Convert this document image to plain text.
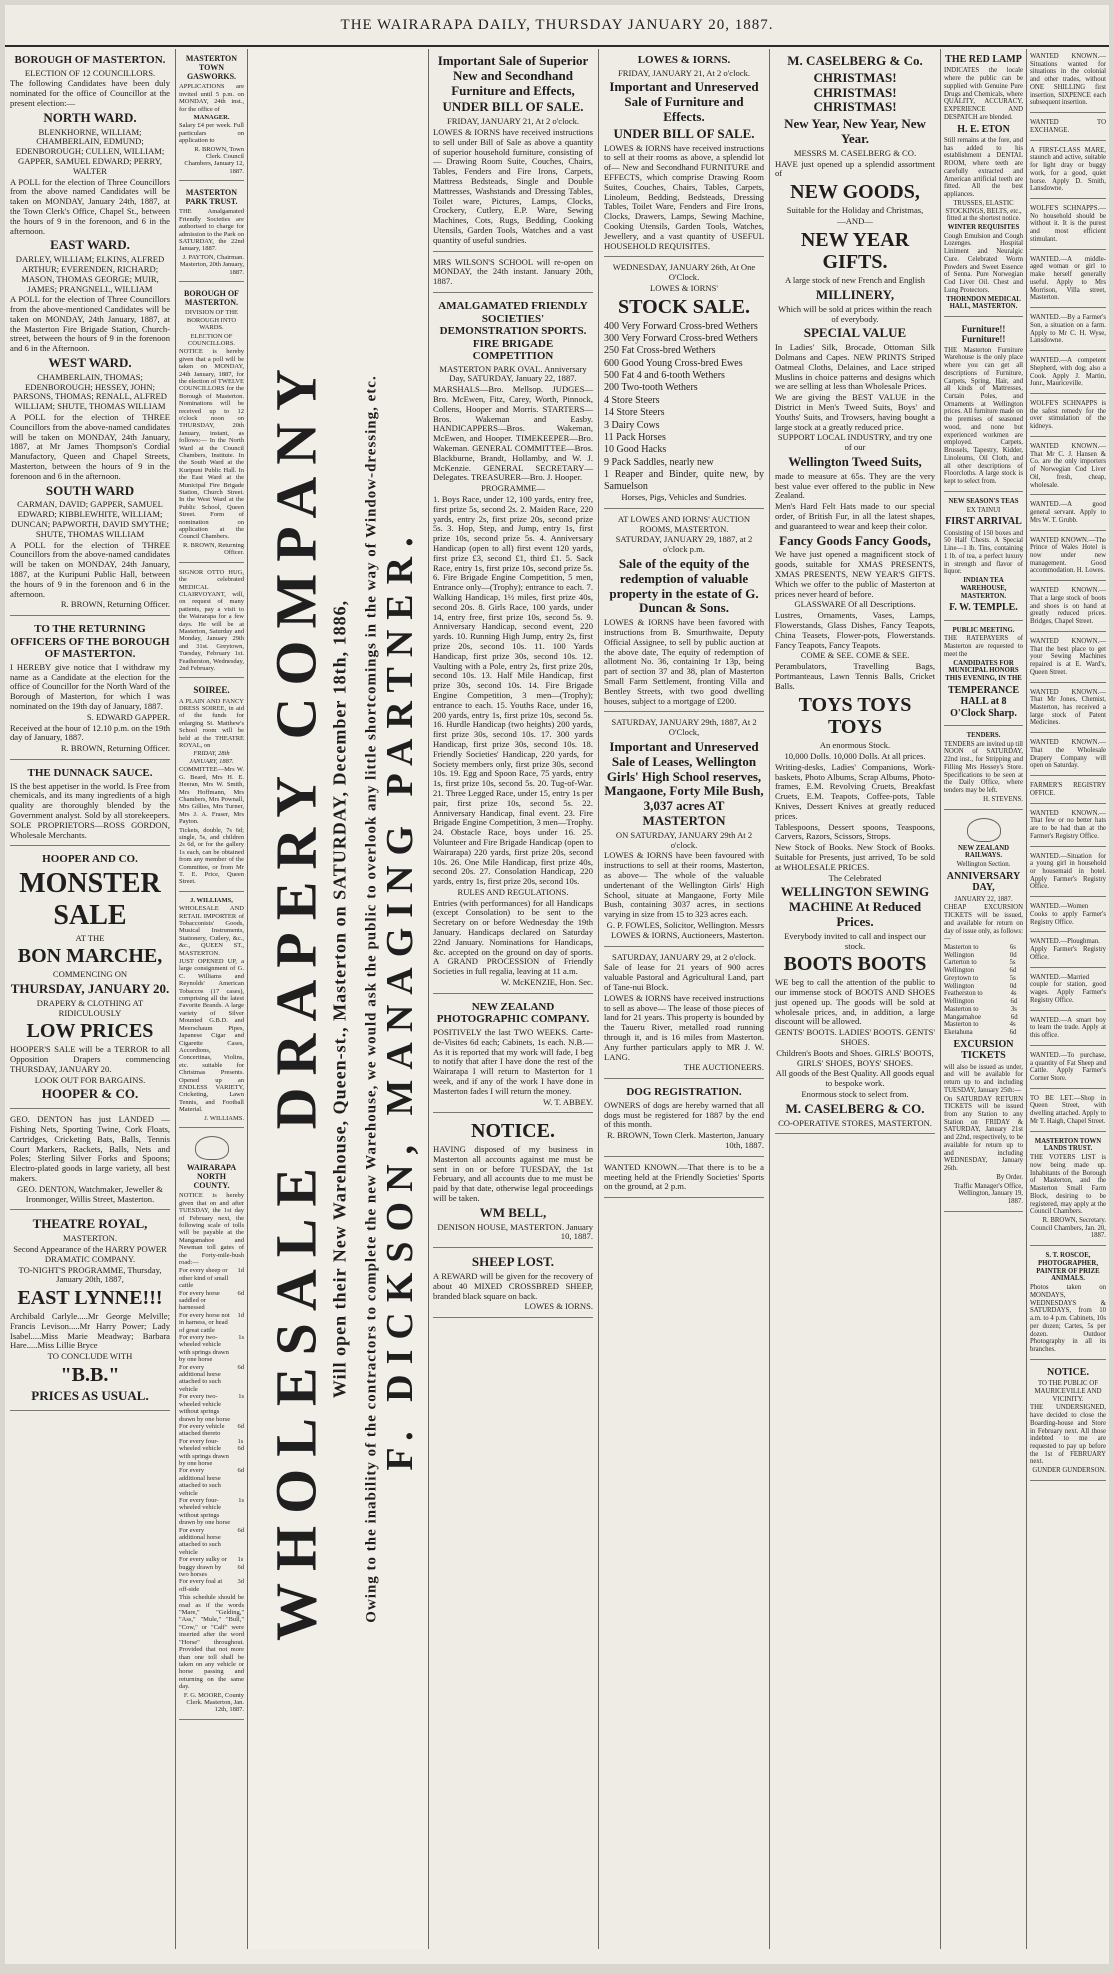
THE WAIRARAPA DAILY, THURSDAY JANUARY 20, 1887.
BOROUGH OF MASTERTON.

ELECTION OF 12 COUNCILLORS.

The following Candidates have been duly nominated for the office of Councillor at the present election:—

NORTH WARD.

BLENKHORNE, WILLIAM; CHAMBERLAIN, EDMUND; EDENBOROUGH; CULLEN, WILLIAM; GAPPER, SAMUEL EDWARD; PERRY, WALTER

A POLL for the election of Three Councillors from the above named Candidates will be taken on MONDAY, January 24th, 1887, at the Town Clerk's Office, Chapel St., between the hours of 9 in the forenoon, and 6 in the afternoon.

EAST WARD.

DARLEY, WILLIAM; ELKINS, ALFRED ARTHUR; EVERENDEN, RICHARD; MASON, THOMAS GEORGE; MUIR, JAMES; PRANGNELL, WILLIAM

A POLL for the election of Three Councillors from the above-mentioned Candidates will be taken on MONDAY, 24th January, 1887, at the Masterton Fire Brigade Station, Church-street, between the hours of 9 in the forenoon and 6 in the Afternoon.

WEST WARD.

CHAMBERLAIN, THOMAS; EDENBOROUGH; HESSEY, JOHN; PARSONS, THOMAS; RENALL, ALFRED WILLIAM; SHUTE, THOMAS WILLIAM

A POLL for the election of THREE Councillors from the above-named candidates will be taken on MONDAY, 24th January, 1887, at Mr James Thompson's Cordial Manufactory, Queen and Chapel Streets, Masterton, between the hours of 9 in the forenoon and 6 in the afternoon.

SOUTH WARD

CARMAN, DAVID; GAPPER, SAMUEL EDWARD; KIBBLEWHITE, WILLIAM; DUNCAN; PAPWORTH, DAVID SMYTHE; SHUTE, THOMAS WILLIAM

A POLL for the election of THREE Councillors from the above-named candidates will be taken on MONDAY, 24th January, 1887, at the Kuripuni Public Hall, between the hours of 9 in the forenoon and 6 in the afternoon.

R. BROWN, Returning Officer.

TO THE RETURNING OFFICERS OF THE BOROUGH OF MASTERTON.

I HEREBY give notice that I withdraw my name as a Candidate at the election for the office of Councillor for the North Ward of the Borough of Masterton, for which I was nominated on the 19th day of January, 1887.

S. EDWARD GAPPER.

Received at the hour of 12.10 p.m. on the 19th day of January, 1887.

R. BROWN, Returning Officer.

THE DUNNACK SAUCE.

IS the best appetiser in the world. Is Free from chemicals, and its many ingredients of a high quality are thoroughly blended by the Government analyst. Sold by all storekeepers. SOLE PROPRIETORS—ROSS GORDON, Wholesale Merchants.

HOOPER AND CO.
MONSTER SALE

AT THE

BON MARCHE,

COMMENCING ON

THURSDAY, JANUARY 20.

DRAPERY & CLOTHING AT RIDICULOUSLY

LOW PRICES

HOOPER'S SALE will be a TERROR to all Opposition Drapers commencing THURSDAY, JANUARY 20.

LOOK OUT FOR BARGAINS.

HOOPER & CO.

GEO. DENTON has just LANDED — Fishing Nets, Sporting Twine, Cork Floats, Cartridges, Cricketing Bats, Balls, Tennis Court Markers, Rackets, Balls, Nets and Poles; Sterling Silver Forks and Spoons; Electro-plated goods in large variety, all best makers.

GEO. DENTON, Watchmaker, Jeweller & Ironmonger, Willis Street, Masterton.

THEATRE ROYAL,

MASTERTON.

Second Appearance of the HARRY POWER DRAMATIC COMPANY.

TO-NIGHT'S PROGRAMME, Thursday, January 20th, 1887,

EAST LYNNE!!!

Archibald Carlyle.....Mr George Melville; Francis Levison.....Mr Harry Power; Lady Isabel.....Miss Marie Meadway; Barbara Hare.....Miss Lillie Bryce

TO CONCLUDE WITH

"B.B."
PRICES AS USUAL.
MASTERTON TOWN GASWORKS.

APPLICATIONS are invited until 5 p.m. on MONDAY, 24th inst., for the office of

MANAGER.

Salary £4 per week. Full particulars on application to

R. BROWN, Town Clerk. Council Chambers, January 12, 1887.

MASTERTON PARK TRUST.

THE Amalgamated Friendly Societies are authorised to charge for admission to the Park on SATURDAY, the 22nd January, 1887.

J. PAYTON, Chairman. Masterton, 20th January, 1887.

BOROUGH OF MASTERTON.

DIVISION OF THE BOROUGH INTO WARDS.

ELECTION OF COUNCILLORS.

NOTICE is hereby given that a poll will be taken on MONDAY, 24th January, 1887, for the election of TWELVE COUNCILLORS for the Borough of Masterton. Nominations will be received up to 12 o'clock noon on THURSDAY, 20th January, instant, as follows:— In the North Ward at the Council Chambers, Institute. In the South Ward at the Kuripuni Public Hall. In the East Ward at the Municipal Fire Brigade Station, Church Street. In the West Ward at the Public School, Queen Street. Form of nomination on application at the Council Chambers.

R. BROWN, Returning Officer.

SIGNOR OTTO HUG, the celebrated MEDICAL CLAIRVOYANT, will, on request of many patients, pay a visit to the Wairarapa for a few days. He will be at Masterton, Saturday and Monday, January 29th and 31st. Greytown, Tuesday, February 1st. Featherston, Wednesday, 2nd February.

SOIREE.

A PLAIN AND FANCY DRESS SOIREE, in aid of the funds for enlarging St. Matthew's School room will be held at the THEATRE ROYAL, on

FRIDAY, 28th JANUARY, 1887.

COMMITTEE—Mrs W. G. Beard, Mrs H. E. Heeran, Mrs W. Smith, Mrs Hoffmann, Mrs Chambers, Mrs Pownall, Mrs Gillies, Mrs Turner, Mrs J. A. Fraser, Mrs Payton.

Tickets, double, 7s 6d; single, 5s, and children 2s 6d, or for the gallery 1s each, can be obtained from any member of the Committee, or from Mr T. E. Price, Queen Street.

J. WILLIAMS,

WHOLESALE AND RETAIL IMPORTER of Tobacconists' Goods, Musical Instruments, Stationery, Cutlery, &c., &c., QUEEN ST., MASTERTON.

JUST OPENED UP, a large consignment of G. C. Williams and Reynolds' American Tobaccos (17 cases), comprising all the latest Favorite Brands. A large variety of Silver Mounted G.B.D. and Meerschaum Pipes, Japanese Cigar and Cigarette Cases, Accordions, Concertinas, Violins, etc. suitable for Christmas Presents. Opened up an ENDLESS VARIETY, Cricketing, Lawn Tennis, and Football Material.

J. WILLIAMS.

WAIRARAPA NORTH COUNTY.

NOTICE is hereby given that on and after TUESDAY, the 1st day of February next, the following scale of tolls will be payable at the Mangamahoe and Newman toll gates of the Forty-mile-bush road:—

For every sheep or other kind of small cattle
1d
For every horse saddled or harnessed
6d
For every horse not in harness, or head of great cattle
1d
For every two-wheeled vehicle with springs drawn by one horse
1s
For every additional horse attached to such vehicle
6d
For every two-wheeled vehicle without springs drawn by one horse
1s
For every vehicle attached thereto
6d
For every four-wheeled vehicle with springs drawn by one horse
1s 6d
For every additional horse attached to such vehicle
6d
For every four-wheeled vehicle without springs drawn by one horse
1s
For every additional horse attached to such vehicle
6d
For every sulky or buggy drawn by two horses
1s 6d
For every foal at off-side
3d

This schedule should be read as if the words "Mare," "Gelding," "Ass," "Mule," "Bull," "Cow," or "Calf" were inserted after the word "Horse" throughout. Provided that not more than one toll shall be taken on any vehicle or horse passing and returning on the same day.

F. G. MOORE, County Clerk. Masterton, Jan. 12th, 1887.

WHOLESALE DRAPERY COMPANY Will open their New Warehouse, Queen-st., Masterton on SATURDAY, December 18th, 1886, Owing to the inability of the contractors to complete the new Warehouse, we would ask the public to overlook any little shortcomings in the way of Window-dressing, etc. F. DICKSON, MANAGING PARTNER.
Important Sale of Superior New and Secondhand Furniture and Effects,
UNDER BILL OF SALE.

FRIDAY, JANUARY 21, At 2 o'clock.

LOWES & IORNS have received instructions to sell under Bill of Sale as above a quantity of superior household furniture, consisting of— Drawing Room Suite, Couches, Chairs, Tables, Fenders and Fire Irons, Carpets, Mattress Bedsteads, Single and Double Mattresses, Washstands and Dressing Tables, Toilet ware, Pictures, Lamps, Clocks, Crockery, Cutlery, E.P. Ware, Sewing Machines, Cots, Rugs, Bedding, Cooking Utensils, Garden Tools, Watches and a vast quantity of useful sundries.

MRS WILSON'S SCHOOL will re-open on MONDAY, the 24th instant. January 20th, 1887.

AMALGAMATED FRIENDLY SOCIETIES' DEMONSTRATION SPORTS. FIRE BRIGADE COMPETITION

MASTERTON PARK OVAL. Anniversary Day, SATURDAY, January 22, 1887.

MARSHALS—Bro. Mellsop. JUDGES—Bro. McEwen, Fitz, Carey, Worth, Pinnock, Collens, Hooper and Morris. STARTERS—Bros. Wakeman and Easby. HANDICAPPERS—Bros. Wakeman, McEwen, and Hooper. TIMEKEEPER—Bro. Wakeman. GENERAL COMMITTEE—Bros. Blackburne, Brandt, Hollamby, and W. J. McKenzie. GENERAL SECRETARY—Delegates. TREASURER—Bro. J. Hooper.

PROGRAMME—

1. Boys Race, under 12, 100 yards, entry free, first prize 5s, second 2s. 2. Maiden Race, 220 yards, entry 2s, first prize 20s, second prize 5s. 3. Hop, Step, and Jump, entry 1s, first prize 10s, second prize 5s. 4. Anniversary Handicap (open to all) first event 120 yards, first prize £3, second £1, third £1. 5. Sack Race, entry 1s, first prize 10s, second prize 5s. 6. Fire Brigade Engine Competition, 5 men, Entrance only—(Trophy); entrance to each. 7. Walking Handicap, 1½ miles, first prize 40s, second 20s. 8. Girls Race, 100 yards, under 14, entry free, first prize 10s, second 5s. 9. Anniversary Handicap, second event, 220 yards. 10. Running High Jump, entry 2s, first prize 20s, second 10s. 11. 100 Yards Handicap, first prize 30s, second 10s. 12. Vaulting with a Pole, entry 2s, first prize 20s, second 10s. 13. Half Mile Handicap, first prize 30s, second 10s. 14. Fire Brigade Engine Competition, 3 men—(Trophy); entrance to each. 15. Youths Race, under 16, 200 yards, entry 1s, first prize 10s, second 5s. 16. Hurdle Handicap (two heights) 200 yards, first prize 30s, second 10s. 17. 300 yards Handicap, first prize 30s, second 10s. 18. Friendly Societies' Handicap, 220 yards, for Society members only, first prize 30s, second 10s. 19. Egg and Spoon Race, 75 yards, entry 1s, first prize 10s, second 5s. 20. Tug-of-War. 21. Three Legged Race, under 15, entry 1s per pair, first prize 10s, second 5s. 22. Anniversary Handicap, final event. 23. Fire Brigade Engine Competition, 3 men—Trophy. 24. Obstacle Race, boys under 16. 25. Volunteer and Fire Brigade Handicap (open to Wairarapa) 220 yards, first prize 20s, second 10s. 26. One Mile Handicap, first prize 40s, second 20s. 27. Consolation Handicap, 220 yards, entry 1s, first prize 20s, second 10s.

RULES AND REGULATIONS.

Entries (with performances) for all Handicaps (except Consolation) to be sent to the Secretary on or before Wednesday the 19th January. Handicaps declared on Saturday 22nd January. Nominations for Handicaps, &c. accepted on the ground on day of sports. A GRAND PROCESSION of Friendly Societies in full regalia, leaving at 11 a.m.

W. McKENZIE, Hon. Sec.

NEW ZEALAND PHOTOGRAPHIC COMPANY.

POSITIVELY the last TWO WEEKS. Carte-de-Visites 6d each; Cabinets, 1s each. N.B.—As it is reported that my work will fade, I beg to notify that after I have done the rest of the Wairarapa I will return to Masterton for 1 week, and if any of the work I have done in Masterton fades I will return the money.

W. T. ABBEY.

NOTICE.

HAVING disposed of my business in Masterton all accounts against me must be sent in on or before TUESDAY, the 1st February, and all accounts due to me must be paid by that date, otherwise legal proceedings will be taken.

WM BELL,

DENISON HOUSE, MASTERTON. January 10, 1887.

SHEEP LOST.

A REWARD will be given for the recovery of about 40 MIXED CROSSBRED SHEEP, branded black square on back.

LOWES & IORNS.

LOWES & IORNS.

FRIDAY, JANUARY 21, At 2 o'clock.

Important and Unreserved Sale of Furniture and Effects.
UNDER BILL OF SALE.

LOWES & IORNS have received instructions to sell at their rooms as above, a splendid lot of— New and Secondhand FURNITURE and EFFECTS, which comprise Drawing Room Suites, Couches, Chairs, Tables, Carpets, Linoleum, Bedding, Bedsteads, Dressing Tables, Toilet Ware, Fenders and Fire Irons, Clocks, Drawers, Lamps, Sewing Machine, Cooking Utensils, Garden Tools, Watches, Jewellery, and a vast quantity of USEFUL HOUSEHOLD REQUISITES.

WEDNESDAY, JANUARY 26th, At One O'Clock.

LOWES & IORNS'

STOCK SALE.

400 Very Forward Cross-bred Wethers

300 Very Forward Cross-bred Wethers

250 Fat Cross-bred Wethers

600 Good Young Cross-bred Ewes

500 Fat 4 and 6-tooth Wethers

200 Two-tooth Wethers

4 Store Steers

14 Store Steers

3 Dairy Cows

11 Pack Horses

10 Good Hacks

9 Pack Saddles, nearly new

1 Reaper and Binder, quite new, by Samuelson

Horses, Pigs, Vehicles and Sundries.

AT LOWES AND IORNS' AUCTION ROOMS, MASTERTON.

SATURDAY, JANUARY 29, 1887, at 2 o'clock p.m.

Sale of the equity of the redemption of valuable property in the estate of G. Duncan & Sons.

LOWES & IORNS have been favored with instructions from B. Smurthwaite, Deputy Official Assignee, to sell by public auction at the above date, The equity of redemption of allotment No. 36, containing 1r 13p, being part of section 37 and 38, plan of Masterton Small Farm Settlement, fronting Villa and Bentley Streets, with two good dwelling houses, subject to a mortgage of £200.

SATURDAY, JANUARY 29th, 1887, At 2 O'Clock,

Important and Unreserved Sale of Leases, Wellington Girls' High School reserves, Mangaone, Forty Mile Bush, 3,037 acres AT MASTERTON

ON SATURDAY, JANUARY 29th At 2 o'clock.

LOWES & IORNS have been favoured with instructions to sell at their rooms, Masterton, as above— The whole of the valuable undertenant of the Wellington Girls' High School, situate at Mangaone, Forty Mile Bush, containing 3037 acres, in sections varying in size from 15 to 323 acres each.

G. P. FOWLES, Solicitor, Wellington. Messrs LOWES & IORNS, Auctioneers, Masterton.

SATURDAY, JANUARY 29, at 2 o'clock.

Sale of lease for 21 years of 900 acres valuable Pastoral and Agricultural Land, part of Tane-nui Block.

LOWES & IORNS have received instructions to sell as above— The lease of those pieces of land for 21 years. This property is bounded by the Taueru River, metalled road running through it, and is 16 miles from Masterton. Any further particulars apply to MR J. W. LANG.

THE AUCTIONEERS.

DOG REGISTRATION.

OWNERS of dogs are hereby warned that all dogs must be registered for 1887 by the end of this month.

R. BROWN, Town Clerk. Masterton, January 10th, 1887.

WANTED KNOWN.—That there is to be a meeting held at the Friendly Societies' Sports on the ground, at 2 p.m.

M. CASELBERG & Co.
CHRISTMAS! CHRISTMAS! CHRISTMAS!
New Year, New Year, New Year.

MESSRS M. CASELBERG & CO.

HAVE just opened up a splendid assortment of

NEW GOODS,

Suitable for the Holiday and Christmas,

—AND—

NEW YEAR GIFTS.

A large stock of new French and English

MILLINERY,

Which will be sold at prices within the reach of everybody.

SPECIAL VALUE

In Ladies' Silk, Brocade, Ottoman Silk Dolmans and Capes. NEW PRINTS Striped Oatmeal Cloths, Delaines, and Lace striped Muslins in choice patterns and designs which we are selling at less than Wholesale Prices.

We are giving the BEST VALUE in the District in Men's Tweed Suits, Boys' and Youths' Suits, and Trowsers, having bought a large stock at a greatly reduced price.

SUPPORT LOCAL INDUSTRY, and try one of our

Wellington Tweed Suits,

made to measure at 65s. They are the very best value ever offered to the public in New Zealand.

Men's Hard Felt Hats made to our special order, of British Fur, in all the latest shapes, and guaranteed to wear and keep their color.

Fancy Goods Fancy Goods,

We have just opened a magnificent stock of goods, suitable for XMAS PRESENTS, XMAS PRESENTS, NEW YEAR'S GIFTS. Which we offer to the public of Masterton at prices never heard of before.

GLASSWARE Of all Descriptions.

Lustres, Ornaments, Vases, Lamps, Flowerstands, Glass Dishes, Fancy Teapots, China Teasets, Flower-pots, Flowerstands. Fancy Teapots, Fancy Teapots.

COME & SEE. COME & SEE.

Perambulators, Travelling Bags, Portmanteaus, Lawn Tennis Balls, Cricket Balls.

TOYS TOYS TOYS

An enormous Stock.

10,000 Dolls. 10,000 Dolls. At all prices.

Writing-desks, Ladies' Companions, Work-baskets, Photo Albums, Scrap Albums, Photo-frames, E.M. Revolving Cruets, Breakfast Cruets, E.M. Teapots, Coffee-pots, Table Knives, Dessert Knives at greatly reduced prices.

Tablespoons, Dessert spoons, Teaspoons, Carvers, Razors, Scissors, Strops.

New Stock of Books. New Stock of Books. Suitable for Presents, just arrived, To be sold at WHOLESALE PRICES.

The Celebrated

WELLINGTON SEWING MACHINE At Reduced Prices.

Everybody invited to call and inspect our stock.

BOOTS BOOTS

WE beg to call the attention of the public to our immense stock of BOOTS AND SHOES just opened up. The goods will be sold at wholesale prices, and, in addition, a large discount will be allowed.

GENTS' BOOTS. LADIES' BOOTS. GENTS' SHOES.

Children's Boots and Shoes. GIRLS' BOOTS, GIRLS' SHOES, BOYS' SHOES.

All goods of the Best Quality. All goods equal to bespoke work.

Enormous stock to select from.

M. CASELBERG & CO.

CO-OPERATIVE STORES, MASTERTON.

THE RED LAMP

INDICATES the locale where the public can be supplied with Genuine Pure Drugs and Chemicals, where QUALITY, ACCURACY, EXPERIENCE AND DESPATCH are blended.

H. E. ETON

Still remains at the fore, and has added to his establishment a DENTAL ROOM, where teeth are carefully extracted and American artificial teeth are fitted. All the best appliances.

TRUSSES, ELASTIC STOCKINGS, BELTS, etc., fitted at the shortest notice.

WINTER REQUISITES

Cough Emulsion and Cough Lozenges. Hospital Liniment and Neuralgic Cure. Celebrated Worm Powders and Sweet Essence of Senna. Pure Norwegian Cod Liver Oil. Chest and Lung Protectors.

THORNDON MEDICAL HALL, MASTERTON.

Furniture!! Furniture!!

THE Masterton Furniture Warehouse is the only place where you can get all descriptions of Furniture, Carpets, Spring, Hair, and all kinds of Mattresses, Curtain Poles, and Ornaments at Wellington prices. All furniture made on the premises of seasoned wood, and none but experienced workmen are employed. Carpets, Brussels, Tapestry, Kidder, Linoleums, Oil Cloth, and all other descriptions of Floorcloths. A large stock is kept to select from.

NEW SEASON'S TEAS

EX TAINUI

FIRST ARRIVAL

Consisting of 150 boxes and 50 Half Chests. A Special Line—1 lb. Tins, containing 1 lb. of tea, a perfect luxury in strength and flavor of liquor.

INDIAN TEA WAREHOUSE, MASTERTON.

F. W. TEMPLE.

PUBLIC MEETING.

THE RATEPAYERS of Masterton are requested to meet the

CANDIDATES FOR MUNICIPAL HONORS THIS EVENING, IN THE

TEMPERANCE HALL at 8 O'Clock Sharp.

TENDERS.

TENDERS are invited up till NOON of SATURDAY, 22nd inst., for Stripping and Filling Mrs Hessey's Store. Specifications to be seen at the Daily Office, where tenders may be left.

H. STEVENS.

NEW ZEALAND RAILWAYS.

Wellington Section.

ANNIVERSARY DAY,

JANUARY 22, 1887.

CHEAP EXCURSION TICKETS will be issued, and available for return on day of issue only, as follows:—

Masterton to Wellington
6s 0d
Carterton to Wellington
5s 6d
Greytown to Wellington
5s 0d
Featherston to Wellington
4s 6d
Masterton to Mangamahoe
3s 6d
Masterton to Eketahuna
4s 6d
EXCURSION TICKETS

will also be issued as under, and will be available for return up to and including TUESDAY, January 25th:—

On SATURDAY RETURN TICKETS will be issued from any Station to any Station on FRIDAY & SATURDAY, January 21st and 22nd, respectively, to be available for return up to and including WEDNESDAY, January 26th.

By Order.

Traffic Manager's Office, Wellington, January 19, 1887.

WANTED KNOWN.—Situations wanted for situations in the colonial and other trades, without ONE SHILLING first insertion, SIXPENCE each subsequent insertion.

WANTED TO EXCHANGE.

A FIRST-CLASS MARE, staunch and active, suitable for light dray or buggy work, for a good, quiet horse. Apply D. Smith, Lansdowne.

WOLFE'S SCHNAPPS.—No household should be without it. It is the purest and most efficient stimulant.

WANTED.—A middle-aged woman or girl to make herself generally useful. Apply to Mrs Morrison, Villa street, Masterton.

WANTED.—By a Farmer's Son, a situation on a farm. Apply to Mr C. H. Wyse, Lansdowne.

WANTED.—A competent Shepherd, with dog; also a Cook. Apply J. Martin, Junr., Mauriceville.

WOLFE'S SCHNAPPS is the safest remedy for the over stimulation of the kidneys.

WANTED KNOWN.—That Mr C. J. Hansen & Co. are the only importers of Norwegian Cod Liver Oil, fresh, cheap, wholesale.

WANTED.—A good general servant. Apply to Mrs W. T. Grubb.

WANTED KNOWN.—The Prince of Wales Hotel is now under new management. Good accommodation. H. Lowes.

WANTED KNOWN.—That a large stock of boots and shoes is on hand at greatly reduced prices. Bridges, Chapel Street.

WANTED KNOWN.—That the best place to get your Sewing Machines repaired is at E. Ward's, Queen Street.

WANTED KNOWN.—That Mr Jones, Chemist, Masterton, has received a large stock of Patent Medicines.

WANTED KNOWN.—That the Wholesale Drapery Company will open on Saturday.

FARMER'S REGISTRY OFFICE.

WANTED KNOWN.—That few or no better hats are to be had than at the Farmer's Registry Office.

WANTED.—Situation for a young girl in household or housemaid in hotel. Apply Farmer's Registry Office.

WANTED.—Women Cooks to apply Farmer's Registry Office.

WANTED.—Ploughman. Apply Farmer's Registry Office.

WANTED.—Married couple for station, good wages. Apply Farmer's Registry Office.

WANTED.—A smart boy to learn the trade. Apply at this office.

WANTED.—To purchase, a quantity of Fat Sheep and Cattle. Apply Farmer's Corner Store.

TO BE LET.—Shop in Queen Street, with dwelling attached. Apply to Mr T. Haigh, Chapel Street.

MASTERTON TOWN LANDS TRUST.

THE VOTERS LIST is now being made up. Inhabitants of the Borough of Masterton, and the Masterton Small Farm Block, desiring to be registered, may apply at the Council Chambers.

R. BROWN, Secretary. Council Chambers, Jan. 20, 1887.

S. T. ROSCOE, PHOTOGRAPHER, PAINTER OF PRIZE ANIMALS.

Photos taken on MONDAYS, WEDNESDAYS & SATURDAYS, from 10 a.m. to 4 p.m. Cabinets, 10s per dozen; Cartes, 5s per dozen. Outdoor Photography in all its branches.

NOTICE.

TO THE PUBLIC OF MAURICEVILLE AND VICINITY.

THE UNDERSIGNED, have decided to close the Boarding-house and Store in February next. All those indebted to me are requested to pay up before the 1st of FEBRUARY next.

GUNDER GUNDERSON.
